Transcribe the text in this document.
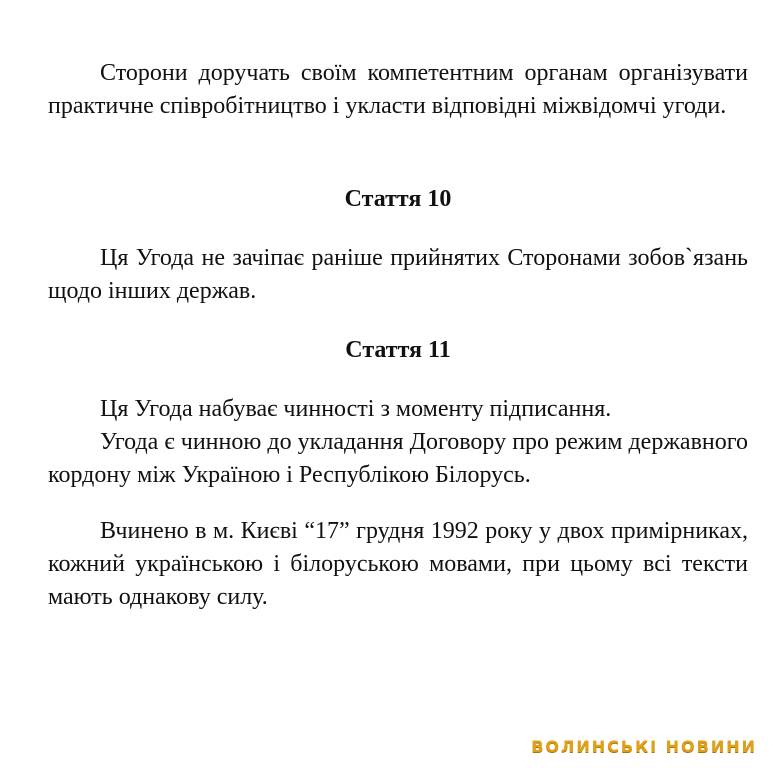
Сторони доручать своїм компетентним органам організувати практичне співробітництво і укласти відповідні міжвідомчі угоди.

Стаття 10

Ця Угода не зачіпає раніше прийнятих Сторонами зобов`язань щодо інших держав.

Стаття 11

Ця Угода набуває чинності з моменту підписання.

Угода є чинною до укладання Договору про режим державного кордону між Україною і Республікою Білорусь.

Вчинено в м. Києві “17” грудня 1992 року у двох примірниках, кожний українською і білоруською мовами, при цьому всі тексти мають однакову силу.

ВОЛИНСЬКІ НОВИНИ
